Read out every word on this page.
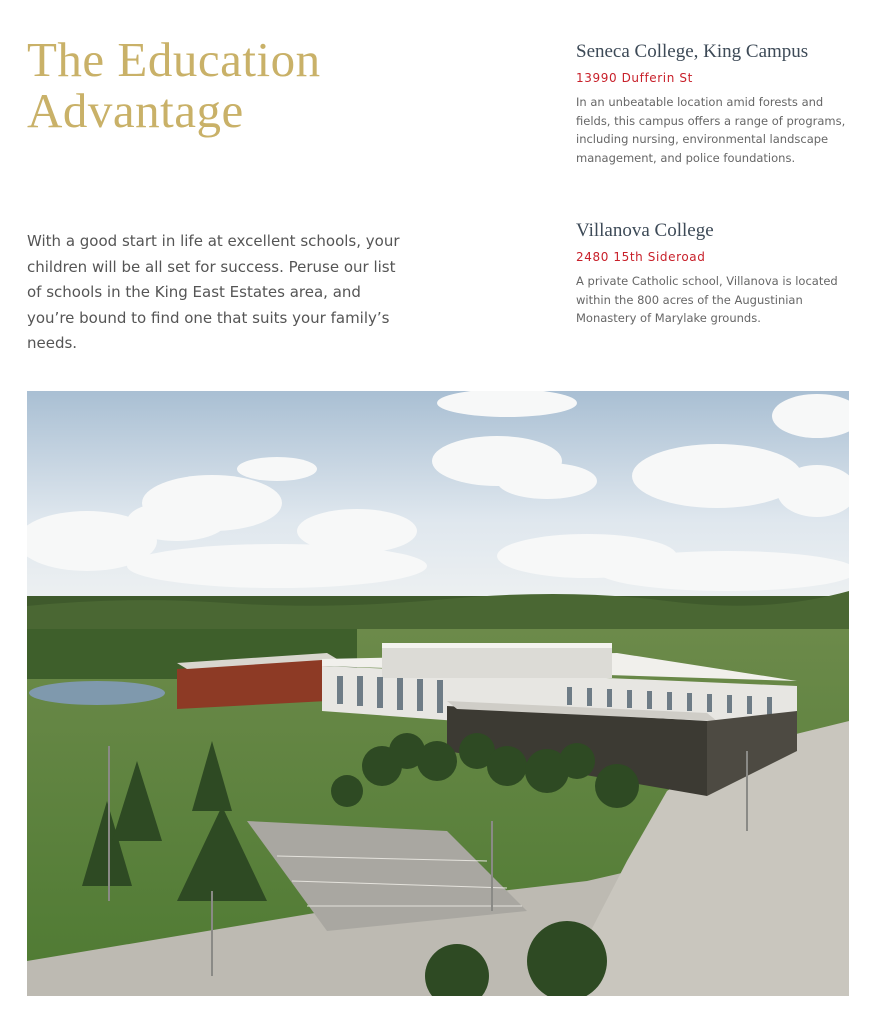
The Education
Advantage

With a good start in life at excellent schools, your children will be all set for success. Peruse our list of schools in the King East Estates area, and you’re bound to find one that suits your family’s needs.

Seneca College, King Campus

13990 Dufferin St

In an unbeatable location amid forests and fields, this campus offers a range of programs, including nursing, environmental landscape management, and police foundations.

Villanova College

2480 15th Sideroad

A private Catholic school, Villanova is located within the 800 acres of the Augustinian Monastery of Marylake grounds.
